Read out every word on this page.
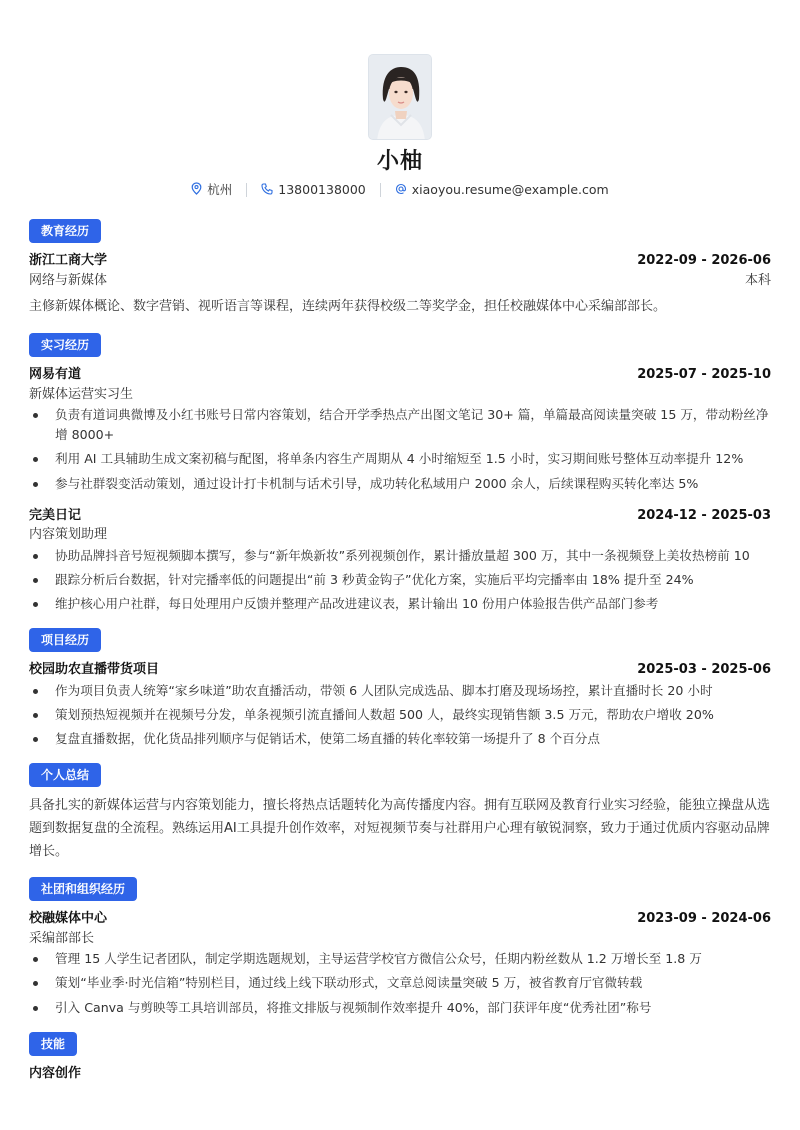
小柚
杭州	13800138000	xiaoyou.resume@example.com
教育经历
浙江工商大学	2022-09 - 2026-06
网络与新媒体	本科
主修新媒体概论、数字营销、视听语言等课程，连续两年获得校级二等奖学金，担任校融媒体中心采编部部长。
实习经历
网易有道	2025-07 - 2025-10
新媒体运营实习生
负责有道词典微博及小红书账号日常内容策划，结合开学季热点产出图文笔记 30+ 篇，单篇最高阅读量突破 15 万，带动粉丝净增 8000+
利用 AI 工具辅助生成文案初稿与配图，将单条内容生产周期从 4 小时缩短至 1.5 小时，实习期间账号整体互动率提升 12%
参与社群裂变活动策划，通过设计打卡机制与话术引导，成功转化私域用户 2000 余人，后续课程购买转化率达 5%
完美日记	2024-12 - 2025-03
内容策划助理
协助品牌抖音号短视频脚本撰写，参与“新年焕新妆”系列视频创作，累计播放量超 300 万，其中一条视频登上美妆热榜前 10
跟踪分析后台数据，针对完播率低的问题提出“前 3 秒黄金钩子”优化方案，实施后平均完播率由 18% 提升至 24%
维护核心用户社群，每日处理用户反馈并整理产品改进建议表，累计输出 10 份用户体验报告供产品部门参考
项目经历
校园助农直播带货项目	2025-03 - 2025-06
作为项目负责人统筹“家乡味道”助农直播活动，带领 6 人团队完成选品、脚本打磨及现场场控，累计直播时长 20 小时
策划预热短视频并在视频号分发，单条视频引流直播间人数超 500 人，最终实现销售额 3.5 万元，帮助农户增收 20%
复盘直播数据，优化货品排列顺序与促销话术，使第二场直播的转化率较第一场提升了 8 个百分点
个人总结
具备扎实的新媒体运营与内容策划能力，擅长将热点话题转化为高传播度内容。拥有互联网及教育行业实习经验，能独立操盘从选题到数据复盘的全流程。熟练运用AI工具提升创作效率，对短视频节奏与社群用户心理有敏锐洞察，致力于通过优质内容驱动品牌增长。
社团和组织经历
校融媒体中心	2023-09 - 2024-06
采编部部长
管理 15 人学生记者团队，制定学期选题规划，主导运营学校官方微信公众号，任期内粉丝数从 1.2 万增长至 1.8 万
策划“毕业季·时光信箱”特别栏目，通过线上线下联动形式，文章总阅读量突破 5 万，被省教育厅官微转载
引入 Canva 与剪映等工具培训部员，将推文排版与视频制作效率提升 40%，部门获评年度“优秀社团”称号
技能
内容创作
